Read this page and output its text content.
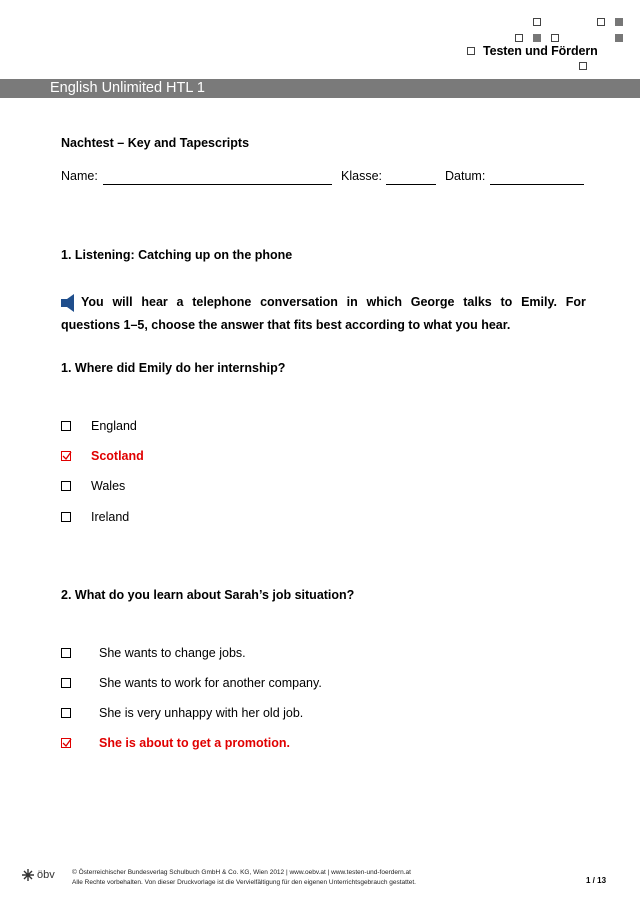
Testen und Fördern
English Unlimited HTL 1
Nachtest – Key and Tapescripts
Name:	Klasse:	Datum:
1. Listening: Catching up on the phone
You will hear a telephone conversation in which George talks to Emily. For
questions 1–5, choose the answer that fits best according to what you hear.
1. Where did Emily do her internship?
England
Scotland
Wales
Ireland
2. What do you learn about Sarah’s job situation?
She wants to change jobs.
She wants to work for another company.
She is very unhappy with her old job.
She is about to get a promotion.
öbv	© Österreichischer Bundesverlag Schulbuch GmbH & Co. KG, Wien 2012 | www.oebv.at | www.testen-und-foerdern.at
Alle Rechte vorbehalten. Von dieser Druckvorlage ist die Vervielfältigung für den eigenen Unterrichtsgebrauch gestattet.	1 / 13
